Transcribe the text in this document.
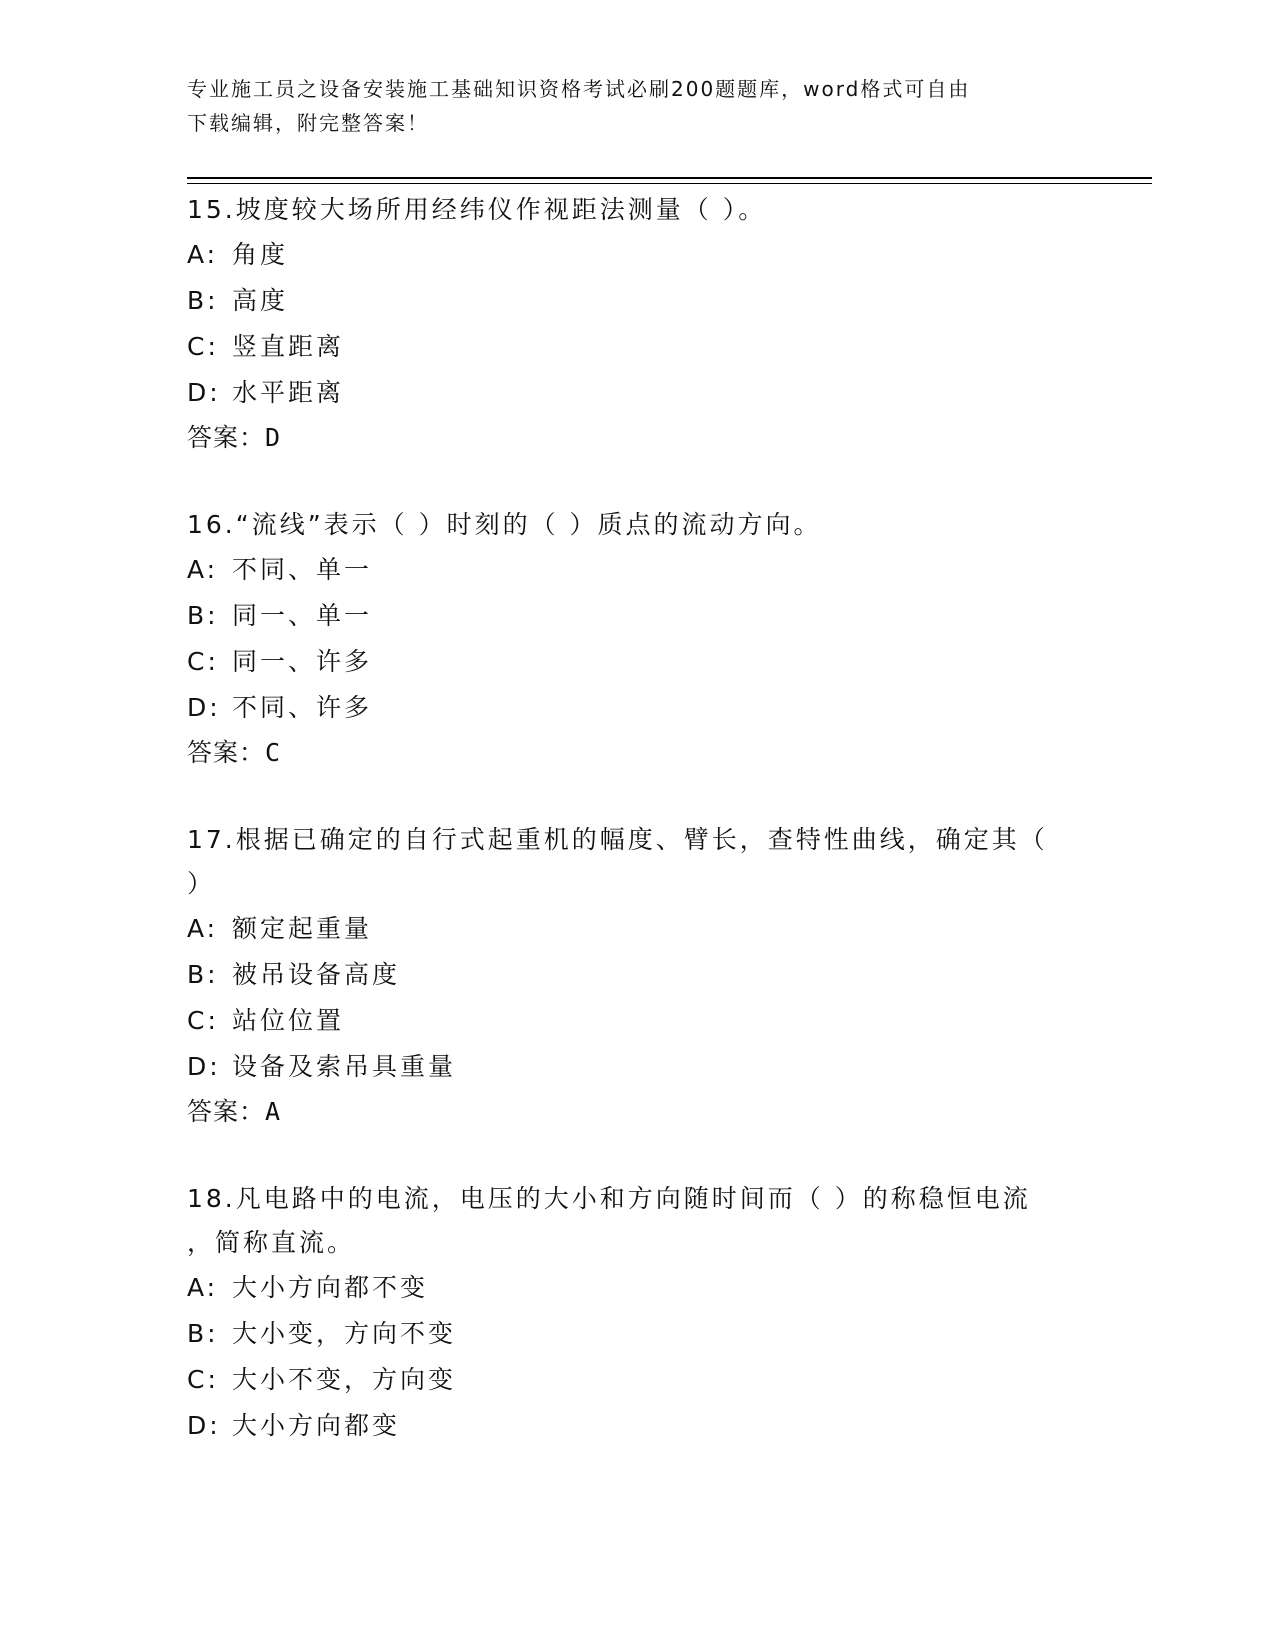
专业施工员之设备安装施工基础知识资格考试必刷200题题库，word格式可自由
下载编辑，附完整答案！

15.坡度较大场所用经纬仪作视距法测量（ ）。

A: 角度
B: 高度
C: 竖直距离
D: 水平距离
答案：D

16.“流线”表示（ ）时刻的（ ）质点的流动方向。

A: 不同、单一
B: 同一、单一
C: 同一、许多
D: 不同、许多
答案：C

17.根据已确定的自行式起重机的幅度、臂长，查特性曲线，确定其（

）

A: 额定起重量
B: 被吊设备高度
C: 站位位置
D: 设备及索吊具重量
答案：A

18.凡电路中的电流，电压的大小和方向随时间而（ ）的称稳恒电流

，简称直流。

A: 大小方向都不变
B: 大小变，方向不变
C: 大小不变，方向变
D: 大小方向都变
